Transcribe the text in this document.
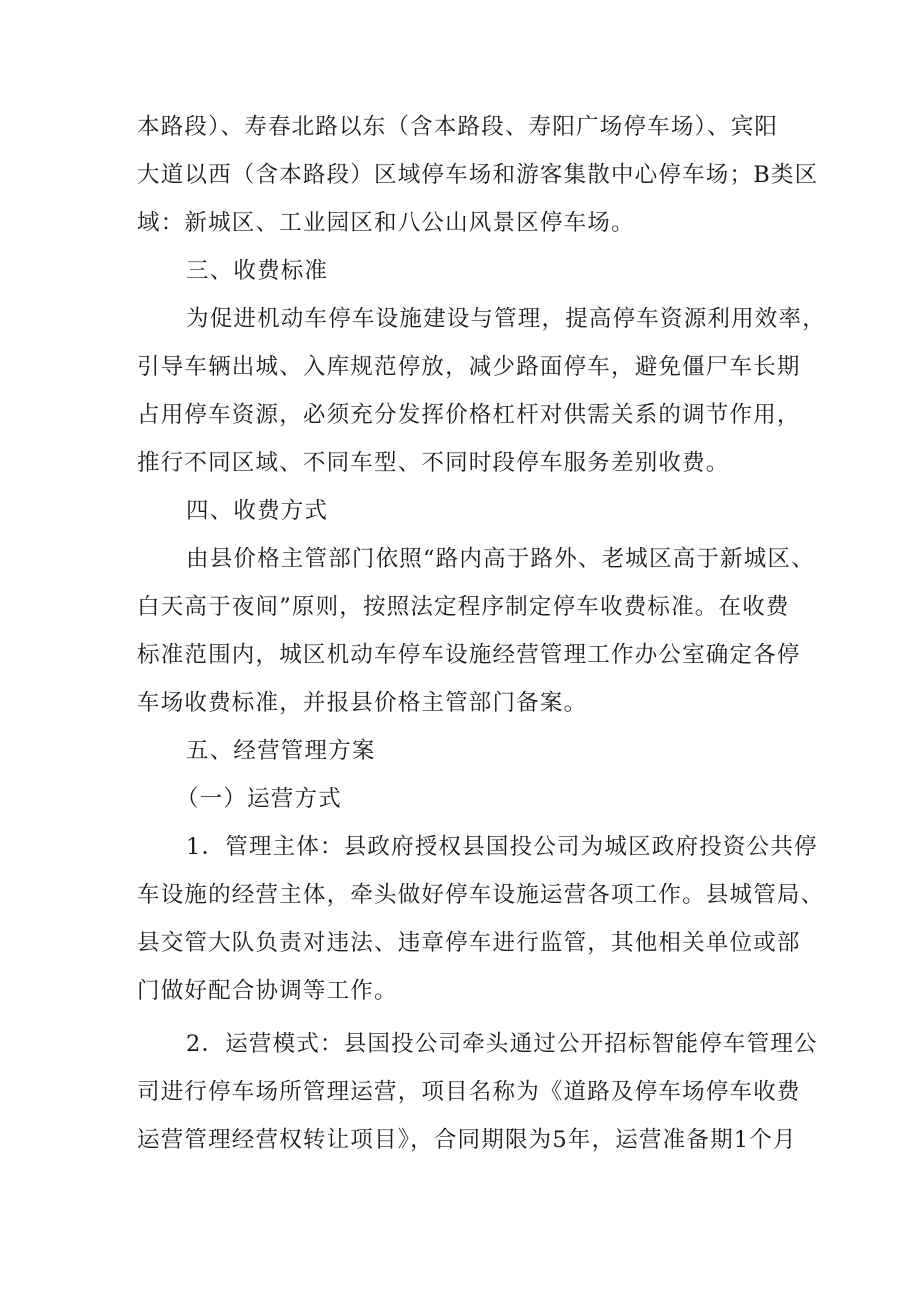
本路段）、寿春北路以东（含本路段、寿阳广场停车场）、宾阳
大道以西（含本路段）区域停车场和游客集散中心停车场；B类区
域：新城区、工业园区和八公山风景区停车场。
三、收费标准
为促进机动车停车设施建设与管理，提高停车资源利用效率，
引导车辆出城、入库规范停放，减少路面停车，避免僵尸车长期
占用停车资源，必须充分发挥价格杠杆对供需关系的调节作用，
推行不同区域、不同车型、不同时段停车服务差别收费。
四、收费方式
由县价格主管部门依照“路内高于路外、老城区高于新城区、
白天高于夜间”原则，按照法定程序制定停车收费标准。在收费
标准范围内，城区机动车停车设施经营管理工作办公室确定各停
车场收费标准，并报县价格主管部门备案。
五、经营管理方案
（一）运营方式
1．管理主体：县政府授权县国投公司为城区政府投资公共停
车设施的经营主体，牵头做好停车设施运营各项工作。县城管局、
县交管大队负责对违法、违章停车进行监管，其他相关单位或部
门做好配合协调等工作。
2．运营模式：县国投公司牵头通过公开招标智能停车管理公
司进行停车场所管理运营，项目名称为《道路及停车场停车收费
运营管理经营权转让项目》，合同期限为5年，运营准备期1个月
